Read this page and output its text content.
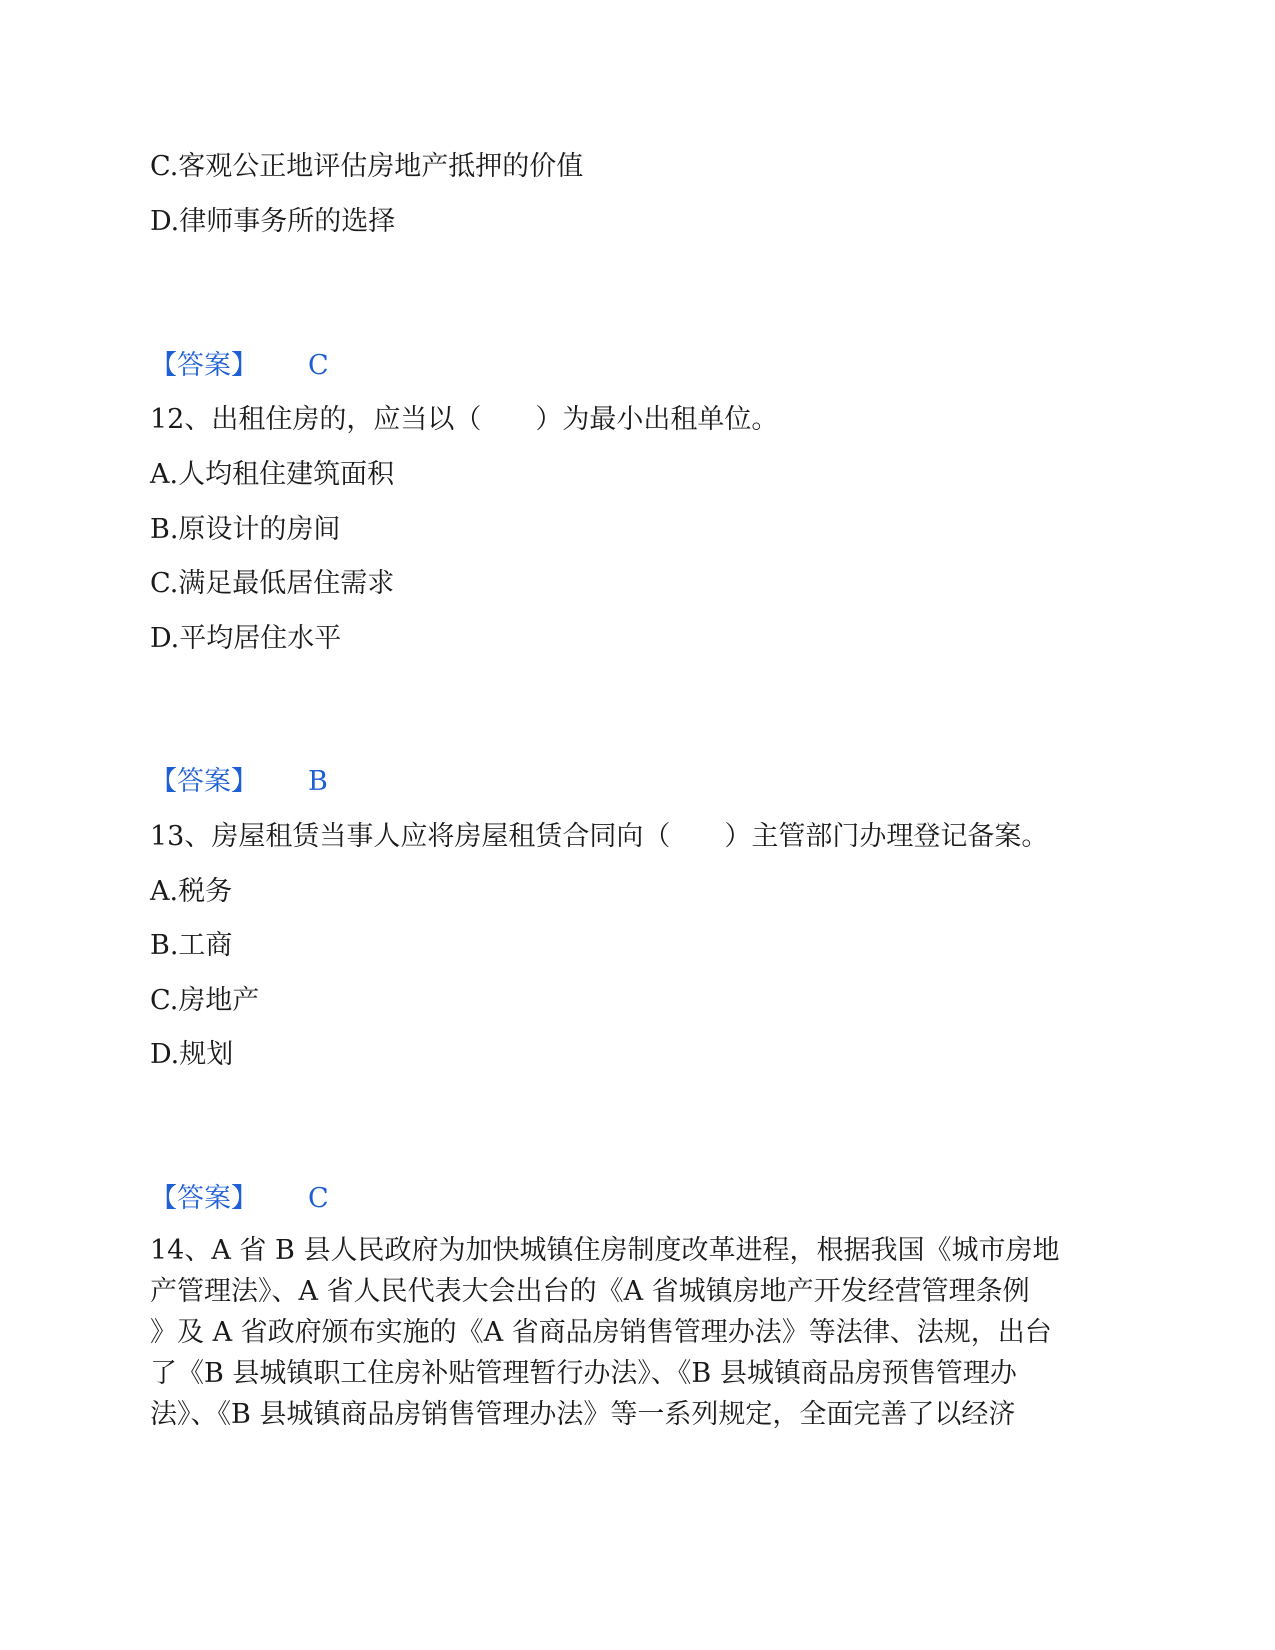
C.客观公正地评估房地产抵押的价值
D.律师事务所的选择
【答案】 C
12、出租住房的，应当以（　　）为最小出租单位。
A.人均租住建筑面积
B.原设计的房间
C.满足最低居住需求
D.平均居住水平
【答案】 B
13、房屋租赁当事人应将房屋租赁合同向（　　）主管部门办理登记备案。
A.税务
B.工商
C.房地产
D.规划
【答案】 C
14、A 省 B 县人民政府为加快城镇住房制度改革进程，根据我国《城市房地
产管理法》、A 省人民代表大会出台的《A 省城镇房地产开发经营管理条例
》及 A 省政府颁布实施的《A 省商品房销售管理办法》等法律、法规，出台
了《B 县城镇职工住房补贴管理暂行办法》、《B 县城镇商品房预售管理办
法》、《B 县城镇商品房销售管理办法》等一系列规定，全面完善了以经济
